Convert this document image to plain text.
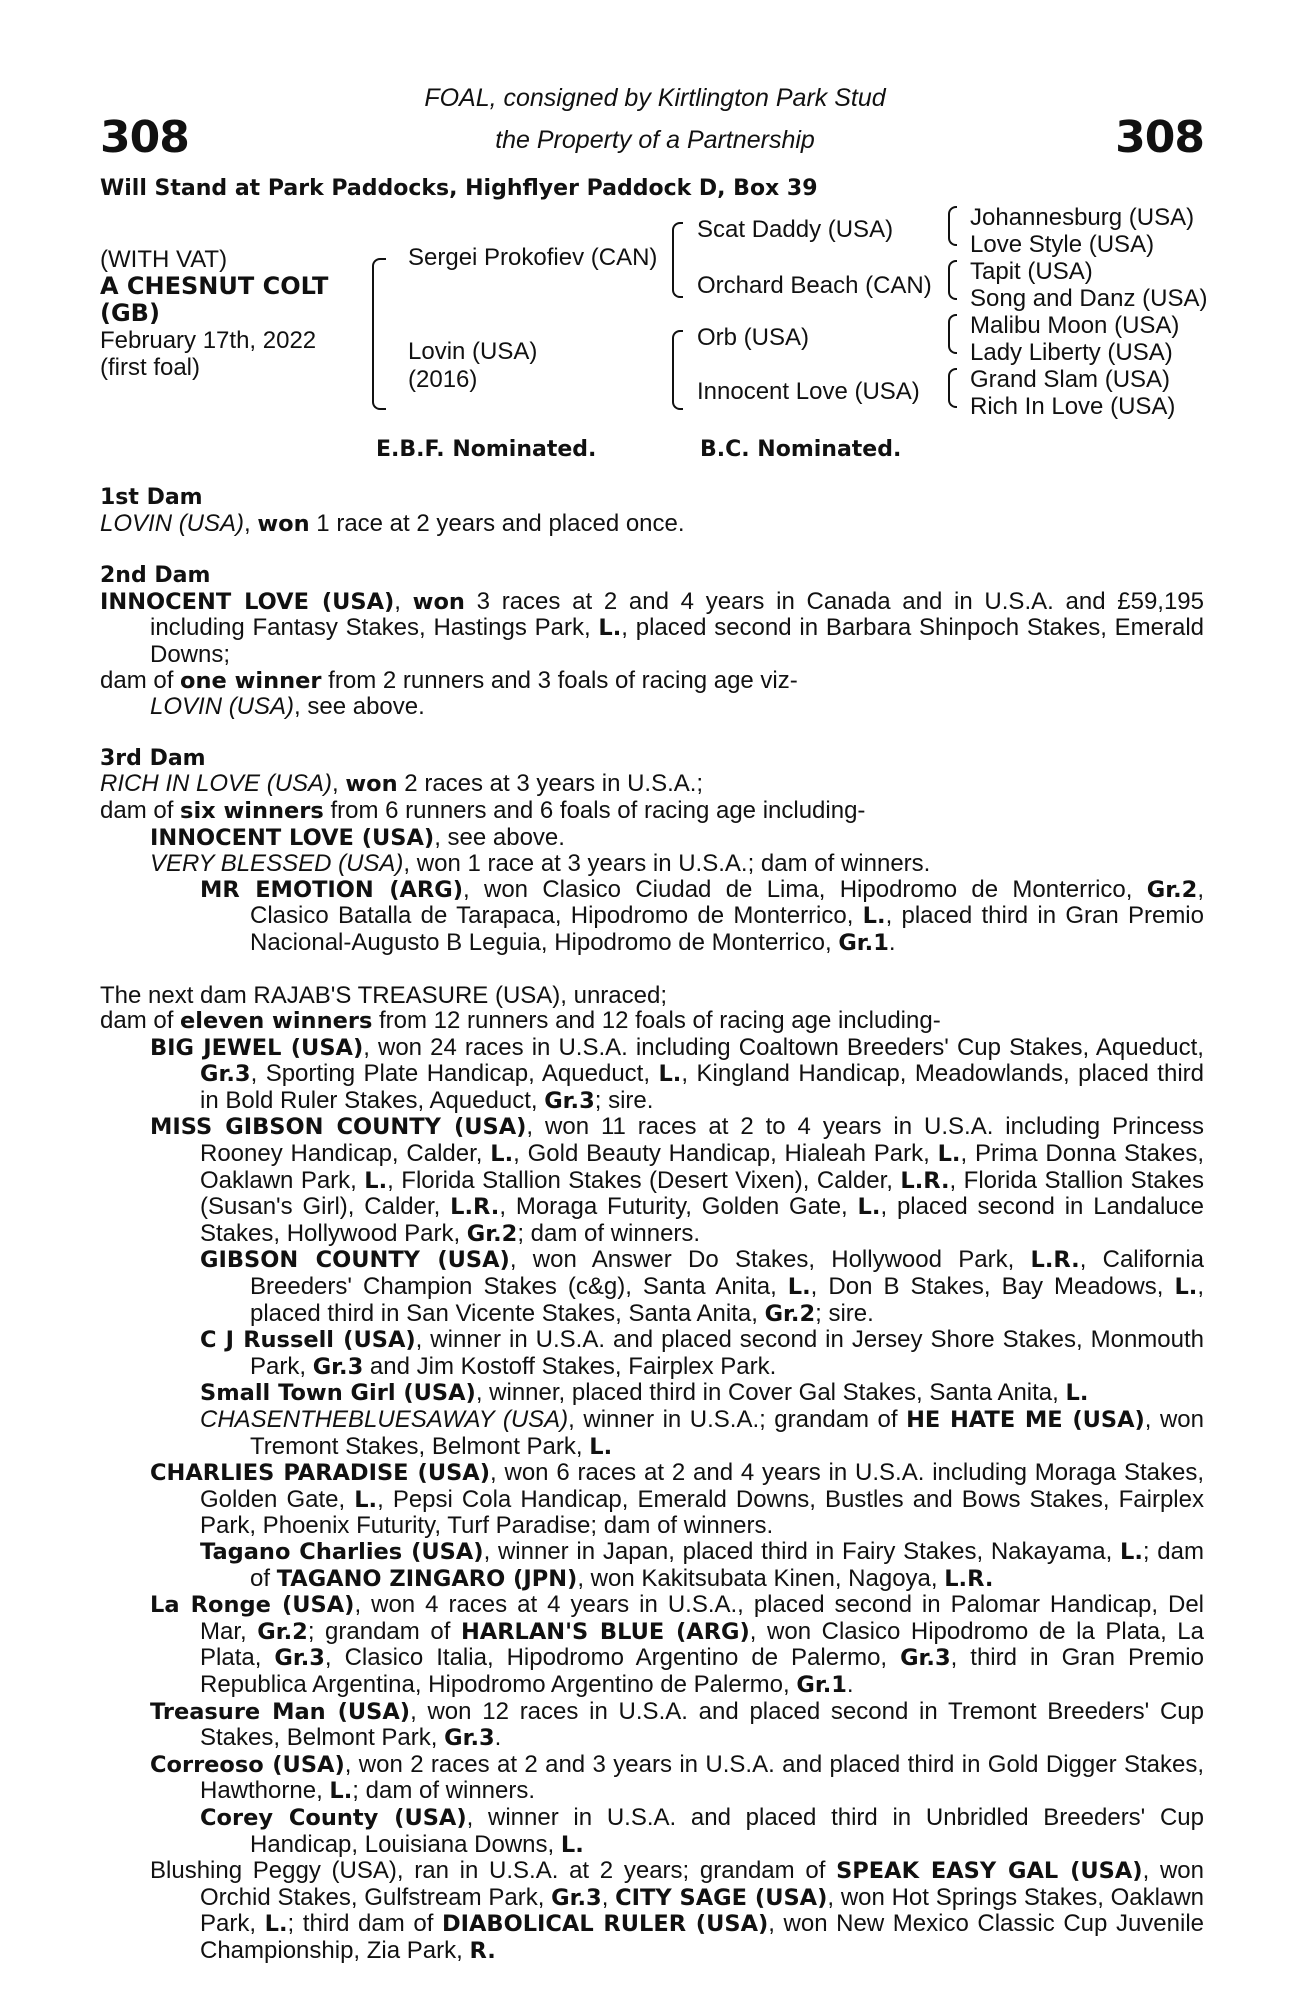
308	308
FOAL, consigned by Kirtlington Park Stud
the Property of a Partnership
Will Stand at Park Paddocks, Highflyer Paddock D, Box 39
(WITH VAT)
A CHESNUT COLT
(GB)
February 17th, 2022
(first foal)
Sergei Prokofiev (CAN)
Lovin (USA)
(2016)
Scat Daddy (USA)
Orchard Beach (CAN)
Orb (USA)
Innocent Love (USA)
Johannesburg (USA)
Love Style (USA)
Tapit (USA)
Song and Danz (USA)
Malibu Moon (USA)
Lady Liberty (USA)
Grand Slam (USA)
Rich In Love (USA)
E.B.F. Nominated.	B.C. Nominated.

1st Dam

LOVIN (USA), won 1 race at 2 years and placed once.

2nd Dam

INNOCENT LOVE (USA), won 3 races at 2 and 4 years in Canada and in U.S.A. and £59,195 including Fantasy Stakes, Hastings Park, L., placed second in Barbara Shinpoch Stakes, Emerald Downs;

dam of one winner from 2 runners and 3 foals of racing age viz-

LOVIN (USA), see above.

3rd Dam

RICH IN LOVE (USA), won 2 races at 3 years in U.S.A.;

dam of six winners from 6 runners and 6 foals of racing age including-

INNOCENT LOVE (USA), see above.

VERY BLESSED (USA), won 1 race at 3 years in U.S.A.; dam of winners.

MR EMOTION (ARG), won Clasico Ciudad de Lima, Hipodromo de Monterrico, Gr.2, Clasico Batalla de Tarapaca, Hipodromo de Monterrico, L., placed third in Gran Premio Nacional-Augusto B Leguia, Hipodromo de Monterrico, Gr.1.

The next dam RAJAB'S TREASURE (USA), unraced;

dam of eleven winners from 12 runners and 12 foals of racing age including-

BIG JEWEL (USA), won 24 races in U.S.A. including Coaltown Breeders' Cup Stakes, Aqueduct, Gr.3, Sporting Plate Handicap, Aqueduct, L., Kingland Handicap, Meadowlands, placed third in Bold Ruler Stakes, Aqueduct, Gr.3; sire.

MISS GIBSON COUNTY (USA), won 11 races at 2 to 4 years in U.S.A. including Princess Rooney Handicap, Calder, L., Gold Beauty Handicap, Hialeah Park, L., Prima Donna Stakes, Oaklawn Park, L., Florida Stallion Stakes (Desert Vixen), Calder, L.R., Florida Stallion Stakes (Susan's Girl), Calder, L.R., Moraga Futurity, Golden Gate, L., placed second in Landaluce Stakes, Hollywood Park, Gr.2; dam of winners.

GIBSON COUNTY (USA), won Answer Do Stakes, Hollywood Park, L.R., California Breeders' Champion Stakes (c&g), Santa Anita, L., Don B Stakes, Bay Meadows, L., placed third in San Vicente Stakes, Santa Anita, Gr.2; sire.

C J Russell (USA), winner in U.S.A. and placed second in Jersey Shore Stakes, Monmouth Park, Gr.3 and Jim Kostoff Stakes, Fairplex Park.

Small Town Girl (USA), winner, placed third in Cover Gal Stakes, Santa Anita, L.

CHASENTHEBLUESAWAY (USA), winner in U.S.A.; grandam of HE HATE ME (USA), won Tremont Stakes, Belmont Park, L.

CHARLIES PARADISE (USA), won 6 races at 2 and 4 years in U.S.A. including Moraga Stakes, Golden Gate, L., Pepsi Cola Handicap, Emerald Downs, Bustles and Bows Stakes, Fairplex Park, Phoenix Futurity, Turf Paradise; dam of winners.

Tagano Charlies (USA), winner in Japan, placed third in Fairy Stakes, Nakayama, L.; dam of TAGANO ZINGARO (JPN), won Kakitsubata Kinen, Nagoya, L.R.

La Ronge (USA), won 4 races at 4 years in U.S.A., placed second in Palomar Handicap, Del Mar, Gr.2; grandam of HARLAN'S BLUE (ARG), won Clasico Hipodromo de la Plata, La Plata, Gr.3, Clasico Italia, Hipodromo Argentino de Palermo, Gr.3, third in Gran Premio Republica Argentina, Hipodromo Argentino de Palermo, Gr.1.

Treasure Man (USA), won 12 races in U.S.A. and placed second in Tremont Breeders' Cup Stakes, Belmont Park, Gr.3.

Correoso (USA), won 2 races at 2 and 3 years in U.S.A. and placed third in Gold Digger Stakes, Hawthorne, L.; dam of winners.

Corey County (USA), winner in U.S.A. and placed third in Unbridled Breeders' Cup Handicap, Louisiana Downs, L.

Blushing Peggy (USA), ran in U.S.A. at 2 years; grandam of SPEAK EASY GAL (USA), won Orchid Stakes, Gulfstream Park, Gr.3, CITY SAGE (USA), won Hot Springs Stakes, Oaklawn Park, L.; third dam of DIABOLICAL RULER (USA), won New Mexico Classic Cup Juvenile Championship, Zia Park, R.
